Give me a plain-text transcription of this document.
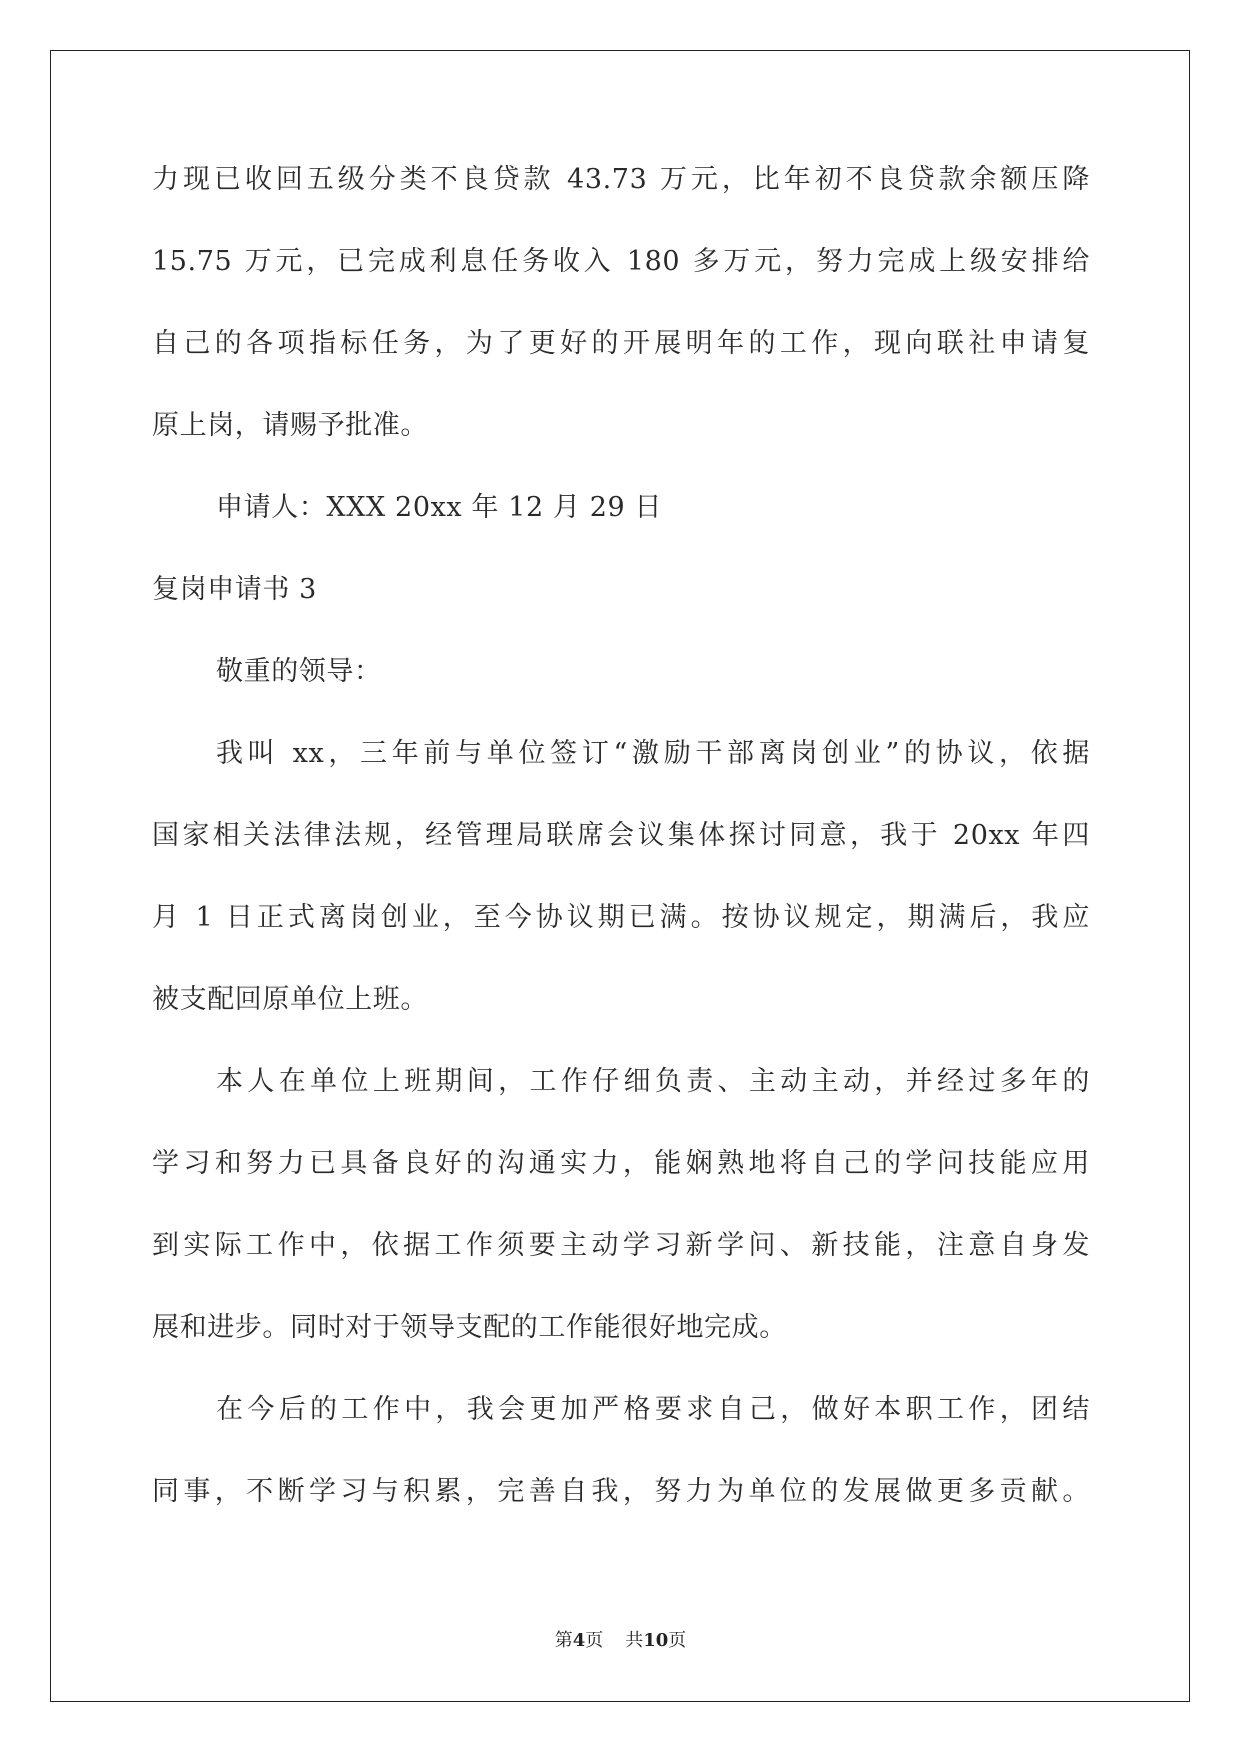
力现已收回五级分类不良贷款 43.73 万元，比年初不良贷款余额压降
15.75 万元，已完成利息任务收入 180 多万元，努力完成上级安排给
自己的各项指标任务，为了更好的开展明年的工作，现向联社申请复
原上岗，请赐予批准。
申请人：XXX 20xx 年 12 月 29 日
复岗申请书 3
敬重的领导：
我叫 xx，三年前与单位签订“激励干部离岗创业”的协议，依据
国家相关法律法规，经管理局联席会议集体探讨同意，我于 20xx 年四
月 1 日正式离岗创业，至今协议期已满。按协议规定，期满后，我应
被支配回原单位上班。
本人在单位上班期间，工作仔细负责、主动主动，并经过多年的
学习和努力已具备良好的沟通实力，能娴熟地将自己的学问技能应用
到实际工作中，依据工作须要主动学习新学问、新技能，注意自身发
展和进步。同时对于领导支配的工作能很好地完成。
在今后的工作中，我会更加严格要求自己，做好本职工作，团结
同事，不断学习与积累，完善自我，努力为单位的发展做更多贡献。
第4页 共10页
